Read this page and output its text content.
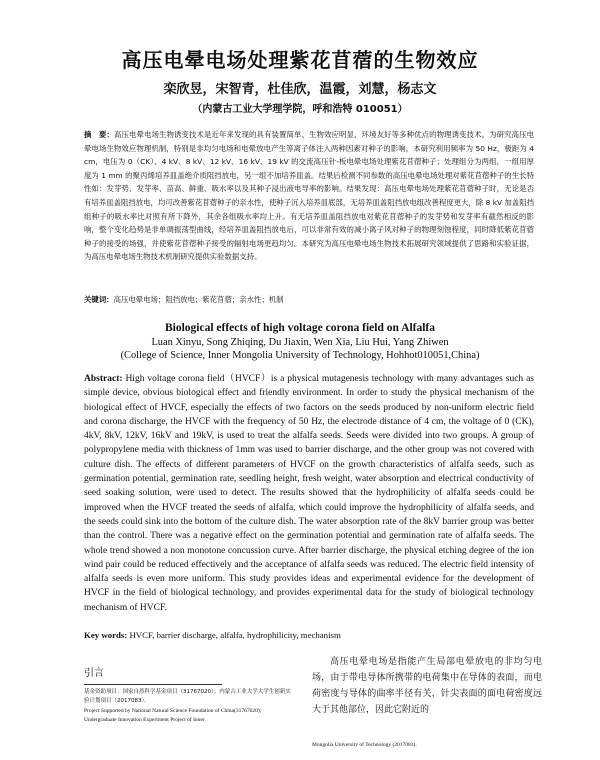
高压电晕电场处理紫花苜蓿的生物效应
栾欣昱，宋智青，杜佳欣，温霞，刘慧，杨志文
（内蒙古工业大学理学院，呼和浩特 010051）
摘　要：高压电晕电场生物诱变技术是近年来发现的具有装置简单、生物效应明显、环境友好等多种优点的物理诱变技术。为研究高压电晕电场生物效应物理机制，特别是非均匀电场和电晕放电产生等离子体注入两种因素对种子的影响，本研究利用频率为 50 Hz，极距为 4 cm，电压为 0（CK）、4 kV、8 kV、12 kV、16 kV、19 kV 的交流高压针-板电晕电场处理紫花苜蓿种子；处理组分为两组，一组用厚度为 1 mm 的聚丙烯培养皿盖绝介质阻挡放电，另一组不加培养皿盖。结果后检测不同参数的高压电晕电场处理对紫花苜蓿种子的生长特性如：发芽势、发芽率、苗高、鲜重、吸水率以及其种子浸出液电导率的影响。结果发现：高压电晕电场处理紫花苜蓿种子时，无论是否有培养皿盖阻挡放电，均可改善紫花苜蓿种子的亲水性，使种子沉入培养皿底部，无培养皿盖阻挡放电组改善程度更大，除 8 kV 加盖阻挡组种子的吸水率比对照有所下降外，其余各组吸水率均上升。有无培养皿盖阻挡放电对紫花苜蓿种子的发芽势和发芽率有截然相反的影响，整个变化趋势是非单调振荡型曲线，经培养皿盖阻挡放电后，可以非常有效的减小离子风对种子的物理刻蚀程度，同时降低紫花苜蓿种子的接受的场强，并使紫花苜蓿种子接受的辐射电场更趋均匀。本研究为高压电晕电场生物技术拓展研究领域提供了思路和实验证据，为高压电晕电场生物技术机制研究提供实验数据支持。
关键词：高压电晕电场；阻挡放电；紫花苜蓿；亲水性；机制
Biological effects of high voltage corona field on Alfalfa
Luan Xinyu, Song Zhiqing, Du Jiaxin, Wen Xia, Liu Hui, Yang Zhiwen
(College of Science, Inner Mongolia University of Technology, Hohhot010051,China)
Abstract: High voltage corona field（HVCF）is a physical mutagenesis technology with many advantages such as simple device, obvious biological effect and friendly environment. In order to study the physical mechanism of the biological effect of HVCF, especially the effects of two factors on the seeds produced by non-uniform electric field and corona discharge, the HVCF with the frequency of 50 Hz, the electrode distance of 4 cm, the voltage of 0 (CK), 4kV, 8kV, 12kV, 16kV and 19kV, is used to treat the alfalfa seeds. Seeds were divided into two groups. A group of polypropylene media with thickness of 1mm was used to barrier discharge, and the other group was not covered with culture dish. The effects of different parameters of HVCF on the growth characteristics of alfalfa seeds, such as germination potential, germination rate, seedling height, fresh weight, water absorption and electrical conductivity of seed soaking solution, were used to detect. The results showed that the hydrophilicity of alfalfa seeds could be improved when the HVCF treated the seeds of alfalfa, which could improve the hydrophilicity of alfalfa seeds, and the seeds could sink into the bottom of the culture dish. The water absorption rate of the 8kV barrier group was better than the control. There was a negative effect on the germination potential and germination rate of alfalfa seeds. The whole trend showed a non monotone concussion curve. After barrier discharge, the physical etching degree of the ion wind pair could be reduced effectively and the acceptance of alfalfa seeds was reduced. The electric field intensity of alfalfa seeds is even more uniform. This study provides ideas and experimental evidence for the development of HVCF in the field of biological technology, and provides experimental data for the study of biological technology mechanism of HVCF.
Key words: HVCF, barrier discharge, alfalfa, hydrophilicity, mechanism
引言
高压电晕电场是指能产生局部电晕放电的非均匀电场，由于带电导体所携带的电荷集中在导体的表面，而电荷密度与导体的曲率半径有关，针尖表面的面电荷密度远大于其他部位，因此它附近的
基金资助项目：国家自然科学基金项目（31767020）；内蒙古工业大学大学生创新实验计划项目（2017083）。
Project Supported by National Natural Science Foundation of China(31767020); Undergraduate Innovation Experiment Project of Inner
Mongolia University of Technology (2017083).
